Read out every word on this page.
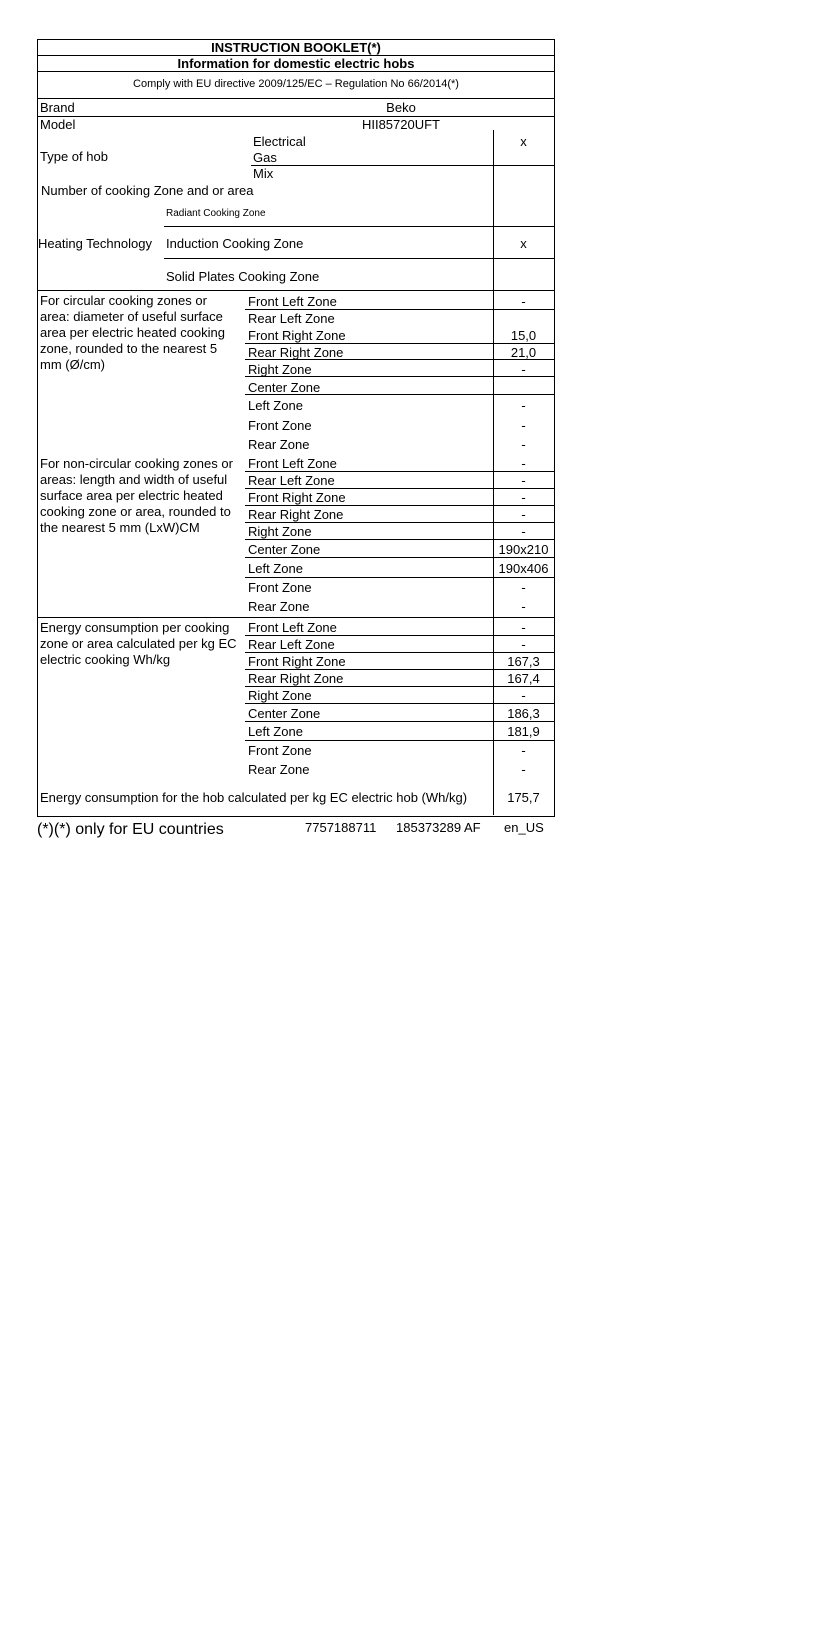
INSTRUCTION BOOKLET(*)
Information for domestic electric hobs
Comply with EU directive 2009/125/EC – Regulation No 66/2014(*)
Brand	Beko
Model	HII85720UFT
Type of hob
Electrical	x
Gas
Mix
Number of cooking Zone and or area
Heating Technology
Radiant Cooking Zone
Induction Cooking Zone	x
Solid Plates Cooking Zone
For circular cooking zones or area: diameter of useful surface area per electric heated cooking zone, rounded to the nearest 5 mm (Ø/cm)
Front Left Zone	-
Rear Left Zone
Front Right Zone	15,0
Rear Right Zone	21,0
Right Zone	-
Center Zone
Left Zone	-
Front Zone	-
Rear Zone	-
For non-circular cooking zones or areas: length and width of useful surface area per electric heated cooking zone or area, rounded to the nearest 5 mm (LxW)CM
Front Left Zone	-
Rear Left Zone	-
Front Right Zone	-
Rear Right Zone	-
Right Zone	-
Center Zone	190x210
Left Zone	190x406
Front Zone	-
Rear Zone	-
Energy consumption per cooking zone or area calculated per kg EC electric cooking Wh/kg
Front Left Zone	-
Rear Left Zone	-
Front Right Zone	167,3
Rear Right Zone	167,4
Right Zone	-
Center Zone	186,3
Left Zone	181,9
Front Zone	-
Rear Zone	-
Energy consumption for the hob calculated per kg EC electric hob (Wh/kg)	175,7
(*)(*) only for EU countries	7757188711 185373289 AF en_US
